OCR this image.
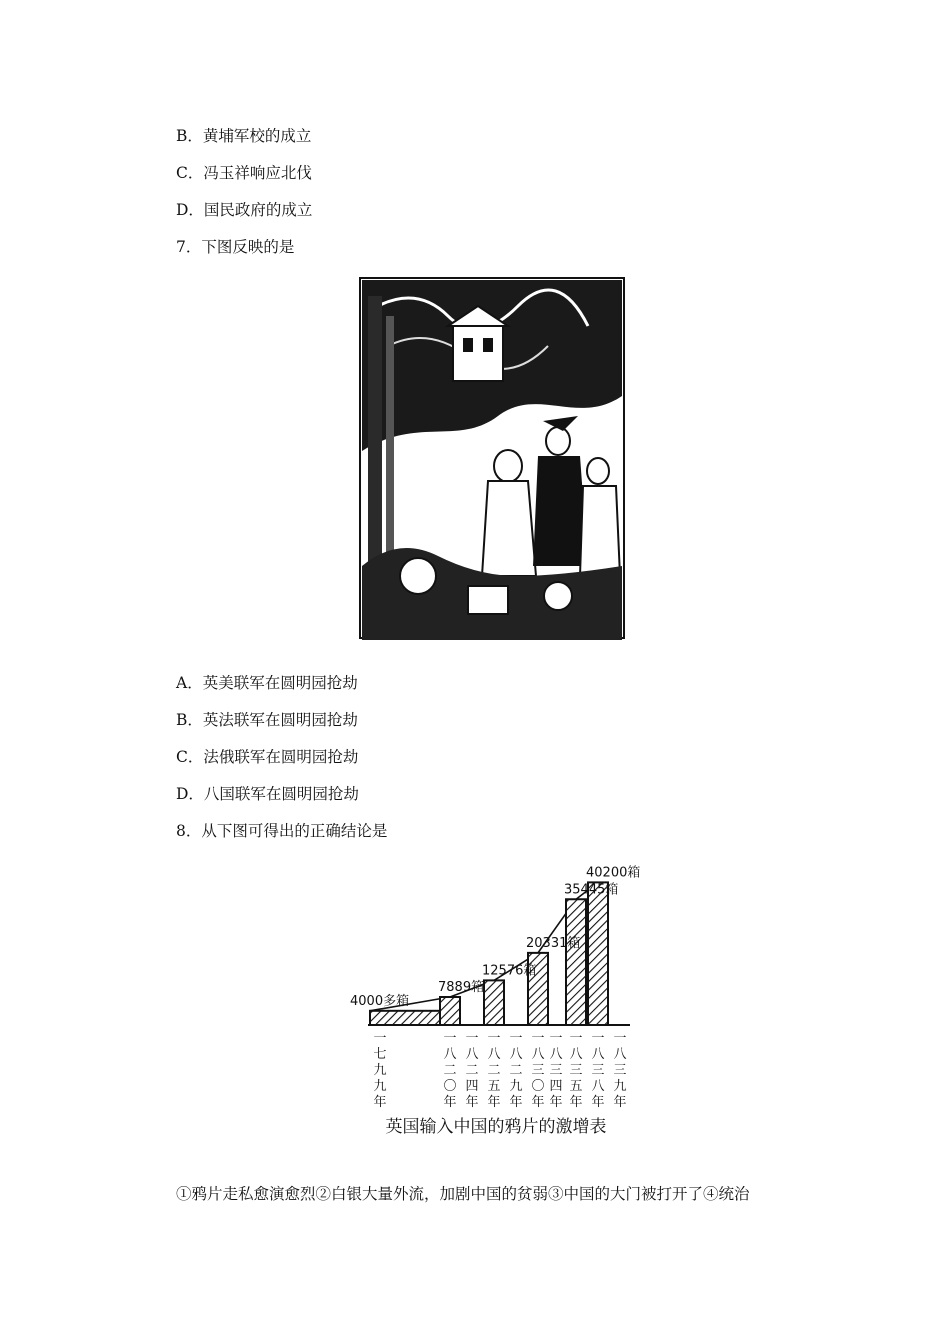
B．黄埔军校的成立
C．冯玉祥响应北伐
D．国民政府的成立
7．下图反映的是
A．英美联军在圆明园抢劫
B．英法联军在圆明园抢劫
C．法俄联军在圆明园抢劫
D．八国联军在圆明园抢劫
8．从下图可得出的正确结论是
4000多箱
7889箱
12576箱
20331箱
35445箱
40200箱
一
七
九
九
年
一
八
二
〇
年
一
八
二
四
年
一
八
二
五
年
一
八
二
九
年
一
八
三
〇
年
一
八
三
四
年
一
八
三
五
年
一
八
三
八
年
一
八
三
九
年
英国输入中国的鸦片的激增表
①鸦片走私愈演愈烈②白银大量外流，加剧中国的贫弱③中国的大门被打开了④统治
